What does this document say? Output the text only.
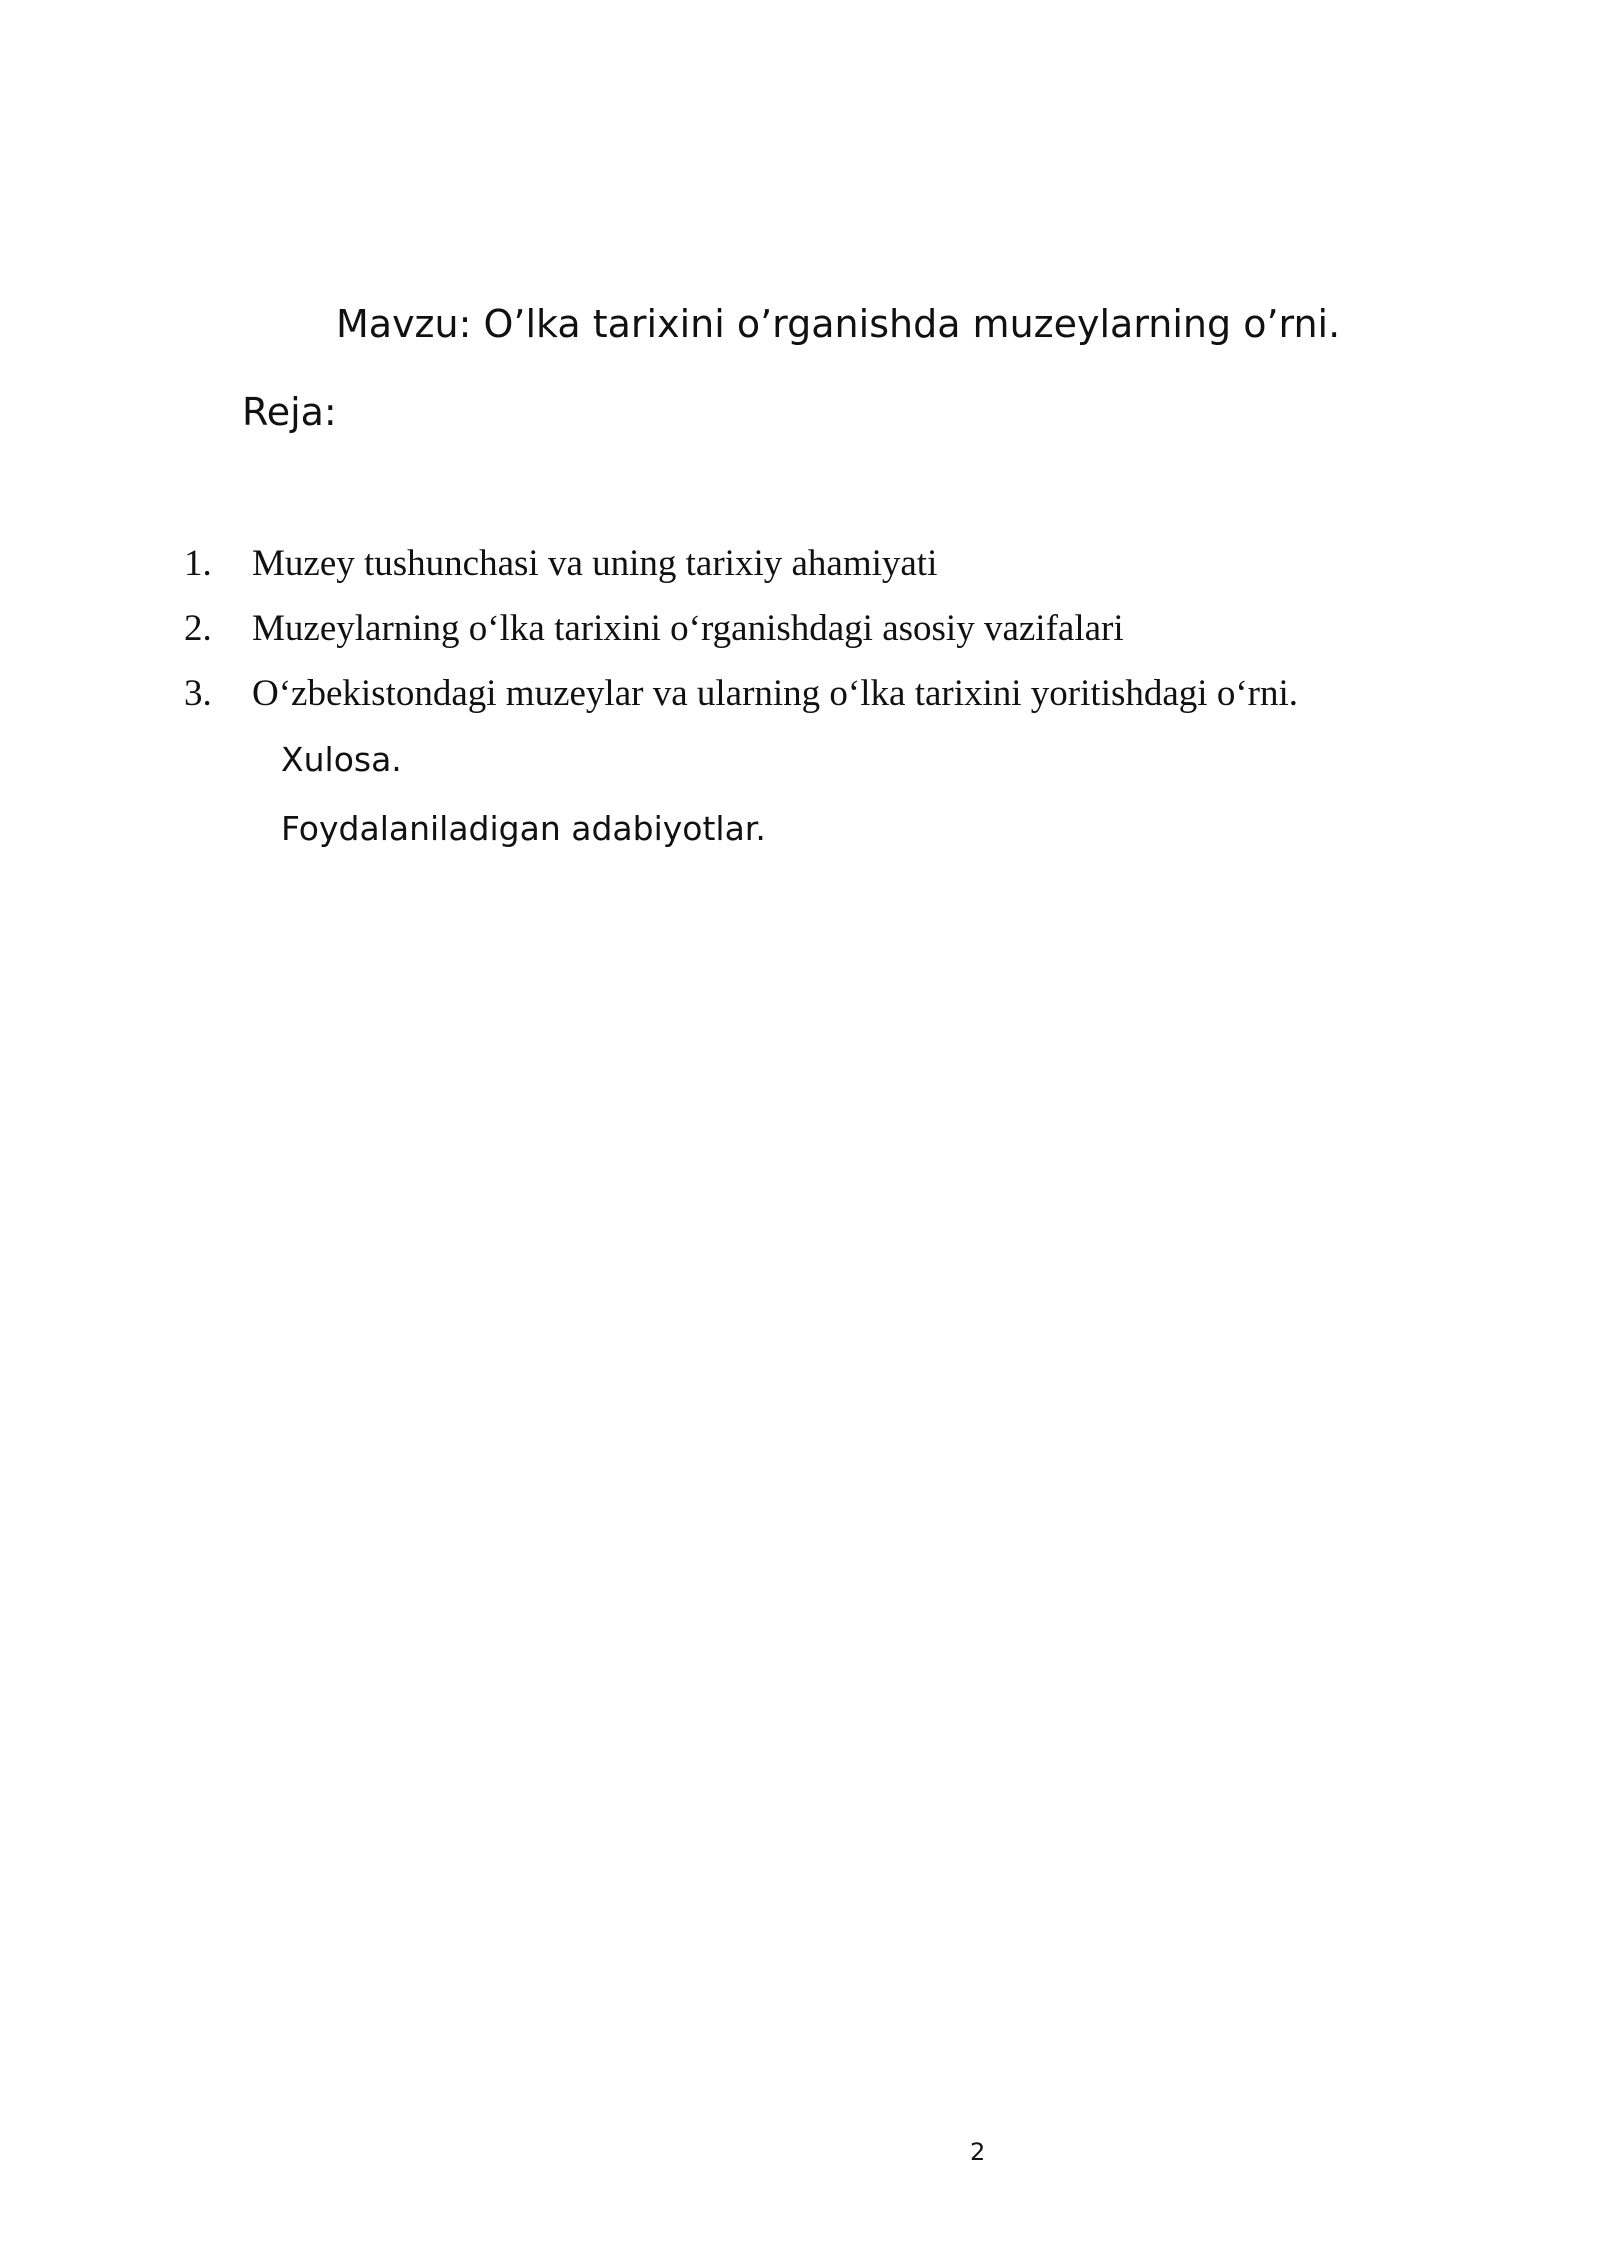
Mavzu: O’lka tarixini o’rganishda muzeylarning o’rni.
Reja:
1. Muzey tushunchasi va uning tarixiy ahamiyati
2. Muzeylarning o‘lka tarixini o‘rganishdagi asosiy vazifalari
3. O‘zbekistondagi muzeylar va ularning o‘lka tarixini yoritishdagi o‘rni.
Xulosa.
Foydalaniladigan adabiyotlar.
2
